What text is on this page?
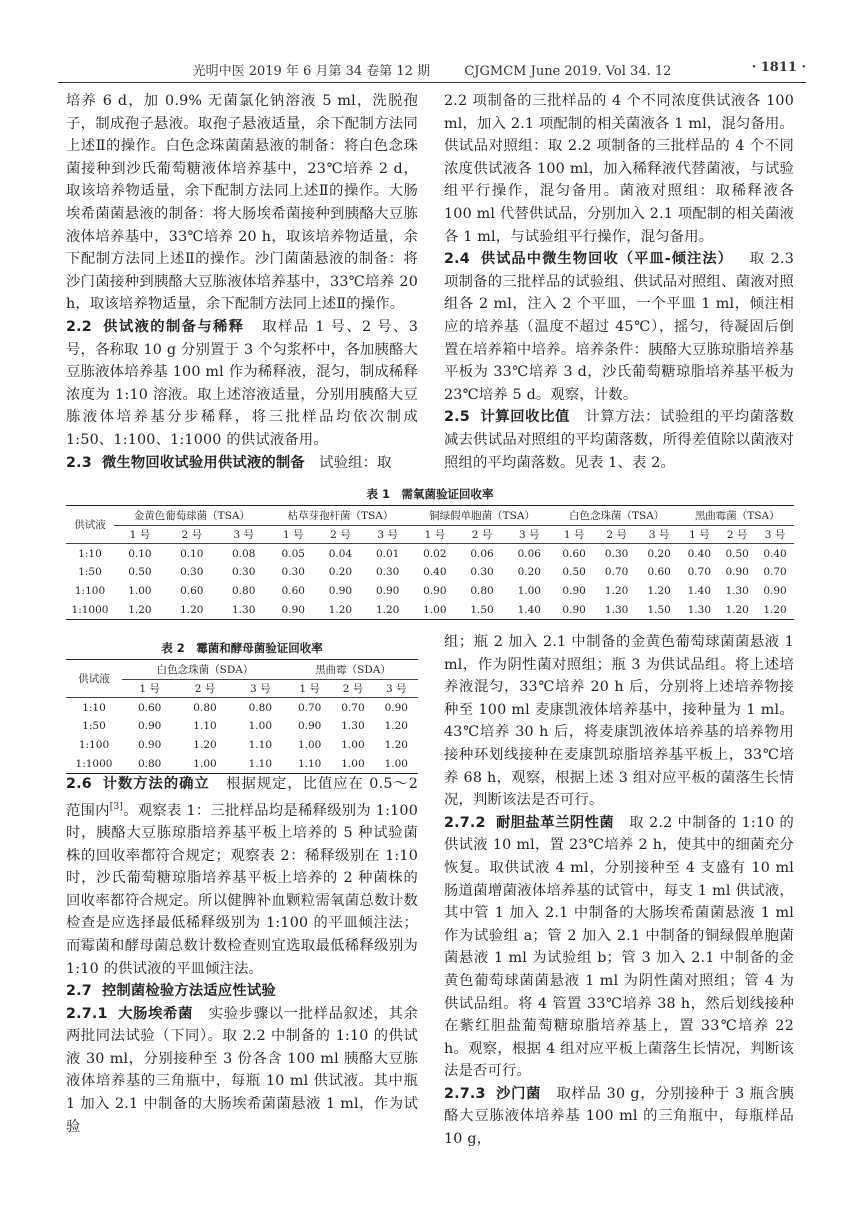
光明中医 2019 年 6 月第 34 卷第 12 期	CJGMCM June 2019. Vol 34. 12	· 1811 ·
培养 6 d，加 0.9% 无菌氯化钠溶液 5 ml，洗脱孢子，制成孢子悬液。取孢子悬液适量，余下配制方法同上述Ⅱ的操作。白色念珠菌菌悬液的制备：将白色念珠菌接种到沙氏葡萄糖液体培养基中，23℃培养 2 d，取该培养物适量，余下配制方法同上述Ⅱ的操作。大肠埃希菌菌悬液的制备：将大肠埃希菌接种到胰酪大豆胨液体培养基中，33℃培养 20 h，取该培养物适量，余下配制方法同上述Ⅱ的操作。沙门菌菌悬液的制备：将沙门菌接种到胰酪大豆胨液体培养基中，33℃培养 20 h，取该培养物适量，余下配制方法同上述Ⅱ的操作。
2.2 供试液的制备与稀释 取样品 1 号、2 号、3 号，各称取 10 g 分别置于 3 个匀浆杯中，各加胰酪大豆胨液体培养基 100 ml 作为稀释液，混匀，制成稀释浓度为 1:10 溶液。取上述溶液适量，分别用胰酪大豆胨液体培养基分步稀释，将三批样品均依次制成 1:50、1:100、1:1000 的供试液备用。
2.3 微生物回收试验用供试液的制备 试验组：取
2.2 项制备的三批样品的 4 个不同浓度供试液各 100 ml，加入 2.1 项配制的相关菌液各 1 ml，混匀备用。供试品对照组：取 2.2 项制备的三批样品的 4 个不同浓度供试液各 100 ml，加入稀释液代替菌液，与试验组平行操作，混匀备用。菌液对照组：取稀释液各 100 ml 代替供试品，分别加入 2.1 项配制的相关菌液各 1 ml，与试验组平行操作，混匀备用。
2.4 供试品中微生物回收（平皿-倾注法） 取 2.3 项制备的三批样品的试验组、供试品对照组、菌液对照组各 2 ml，注入 2 个平皿，一个平皿 1 ml，倾注相应的培养基（温度不超过 45℃），摇匀，待凝固后倒置在培养箱中培养。培养条件：胰酪大豆胨琼脂培养基平板为 33℃培养 3 d，沙氏葡萄糖琼脂培养基平板为 23℃培养 5 d。观察，计数。
2.5 计算回收比值 计算方法：试验组的平均菌落数减去供试品对照组的平均菌落数，所得差值除以菌液对照组的平均菌落数。见表 1、表 2。
表 1　需氧菌验证回收率
供试液	金黄色葡萄球菌（TSA）			枯草芽孢杆菌（TSA）			铜绿假单胞菌（TSA）			白色念珠菌（TSA）			黑曲霉菌（TSA）		
	1 号	2 号	3 号	1 号	2 号	3 号	1 号	2 号	3 号	1 号	2 号	3 号	1 号	2 号	3 号
1:10	0.10	0.10	0.08	0.05	0.04	0.01	0.02	0.06	0.06	0.60	0.30	0.20	0.40	0.50	0.40
1:50	0.50	0.30	0.30	0.30	0.20	0.30	0.40	0.30	0.20	0.50	0.70	0.60	0.70	0.90	0.70
1:100	1.00	0.60	0.80	0.60	0.90	0.90	0.90	0.80	1.00	0.90	1.20	1.20	1.40	1.30	0.90
1:1000	1.20	1.20	1.30	0.90	1.20	1.20	1.00	1.50	1.40	0.90	1.30	1.50	1.30	1.20	1.20
表 2　霉菌和酵母菌验证回收率
供试液	白色念珠菌（SDA）			黑曲霉（SDA）		
	1 号	2 号	3 号	1 号	2 号	3 号
1:10	0.60	0.80	0.80	0.70	0.70	0.90
1:50	0.90	1.10	1.00	0.90	1.30	1.20
1:100	0.90	1.20	1.10	1.00	1.00	1.20
1:1000	0.80	1.00	1.10	1.10	1.00	1.00
2.6 计数方法的确立 根据规定，比值应在 0.5～2 范围内[3]。观察表 1：三批样品均是稀释级别为 1:100 时，胰酪大豆胨琼脂培养基平板上培养的 5 种试验菌株的回收率都符合规定；观察表 2：稀释级别在 1:10 时，沙氏葡萄糖琼脂培养基平板上培养的 2 种菌株的回收率都符合规定。所以健脾补血颗粒需氧菌总数计数检查是应选择最低稀释级别为 1:100 的平皿倾注法；而霉菌和酵母菌总数计数检查则宜选取最低稀释级别为 1:10 的供试液的平皿倾注法。
2.7 控制菌检验方法适应性试验
2.7.1 大肠埃希菌 实验步骤以一批样品叙述，其余两批同法试验（下同）。取 2.2 中制备的 1:10 的供试液 30 ml，分别接种至 3 份各含 100 ml 胰酪大豆胨液体培养基的三角瓶中，每瓶 10 ml 供试液。其中瓶 1 加入 2.1 中制备的大肠埃希菌菌悬液 1 ml，作为试验
组；瓶 2 加入 2.1 中制备的金黄色葡萄球菌菌悬液 1 ml，作为阴性菌对照组；瓶 3 为供试品组。将上述培养液混匀，33℃培养 20 h 后，分别将上述培养物接种至 100 ml 麦康凯液体培养基中，接种量为 1 ml。43℃培养 30 h 后，将麦康凯液体培养基的培养物用接种环划线接种在麦康凯琼脂培养基平板上，33℃培养 68 h，观察，根据上述 3 组对应平板的菌落生长情况，判断该法是否可行。
2.7.2 耐胆盐革兰阴性菌 取 2.2 中制备的 1:10 的供试液 10 ml，置 23℃培养 2 h，使其中的细菌充分恢复。取供试液 4 ml，分别接种至 4 支盛有 10 ml 肠道菌增菌液体培养基的试管中，每支 1 ml 供试液，其中管 1 加入 2.1 中制备的大肠埃希菌菌悬液 1 ml 作为试验组 a；管 2 加入 2.1 中制备的铜绿假单胞菌菌悬液 1 ml 为试验组 b；管 3 加入 2.1 中制备的金黄色葡萄球菌菌悬液 1 ml 为阴性菌对照组；管 4 为供试品组。将 4 管置 33℃培养 38 h，然后划线接种在紫红胆盐葡萄糖琼脂培养基上，置 33℃培养 22 h。观察，根据 4 组对应平板上菌落生长情况，判断该法是否可行。
2.7.3 沙门菌 取样品 30 g，分别接种于 3 瓶含胰酪大豆胨液体培养基 100 ml 的三角瓶中，每瓶样品 10 g，
